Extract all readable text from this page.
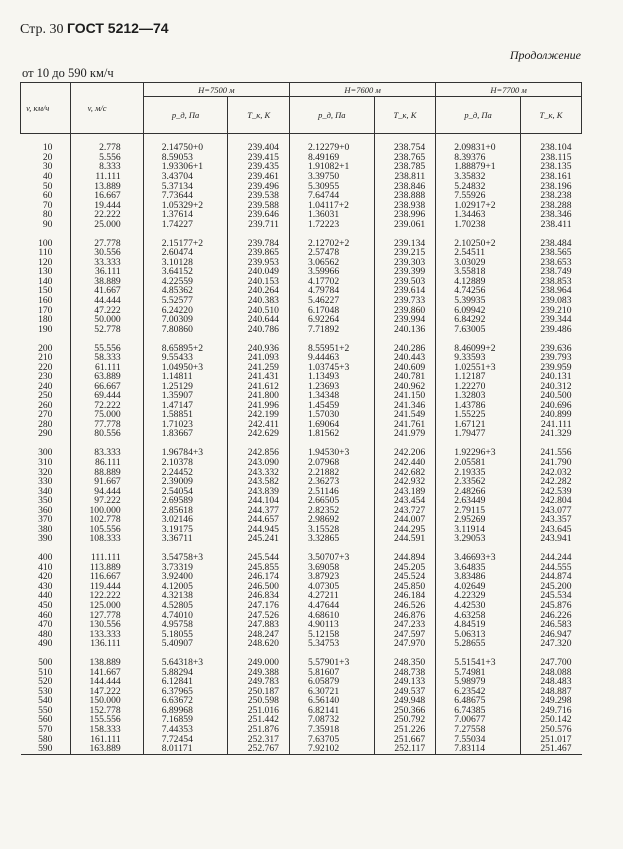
Стр. 30 ГОСТ 5212—74
Продолжение
от 10 до 590 км/ч
v, км/ч	v, м/с	H=7500 м		H=7600 м		H=7700 м	
		p_д, Па	T_к, К	p_д, Па	T_к, К	p_д, Па	T_к, К

10	2.778	2.14750+0	239.404	2.12279+0	238.754	2.09831+0	238.104
20	5.556	8.59053	239.415	8.49169	238.765	8.39376	238.115
30	8.333	1.93306+1	239.435	1.91082+1	238.785	1.88879+1	238.135
40	11.111	3.43704	239.461	3.39750	238.811	3.35832	238.161
50	13.889	5.37134	239.496	5.30955	238.846	5.24832	238.196
60	16.667	7.73644	239.538	7.64744	238.888	7.55926	238.238
70	19.444	1.05329+2	239.588	1.04117+2	238.938	1.02917+2	238.288
80	22.222	1.37614	239.646	1.36031	238.996	1.34463	238.346
90	25.000	1.74227	239.711	1.72223	239.061	1.70238	238.411

100	27.778	2.15177+2	239.784	2.12702+2	239.134	2.10250+2	238.484
110	30.556	2.60474	239.865	2.57478	239.215	2.54511	238.565
120	33.333	3.10128	239.953	3.06562	239.303	3.03029	238.653
130	36.111	3.64152	240.049	3.59966	239.399	3.55818	238.749
140	38.889	4.22559	240.153	4.17702	239.503	4.12889	238.853
150	41.667	4.85362	240.264	4.79784	239.614	4.74256	238.964
160	44.444	5.52577	240.383	5.46227	239.733	5.39935	239.083
170	47.222	6.24220	240.510	6.17048	239.860	6.09942	239.210
180	50.000	7.00309	240.644	6.92264	239.994	6.84292	239.344
190	52.778	7.80860	240.786	7.71892	240.136	7.63005	239.486

200	55.556	8.65895+2	240.936	8.55951+2	240.286	8.46099+2	239.636
210	58.333	9.55433	241.093	9.44463	240.443	9.33593	239.793
220	61.111	1.04950+3	241.259	1.03745+3	240.609	1.02551+3	239.959
230	63.889	1.14811	241.431	1.13493	240.781	1.12187	240.131
240	66.667	1.25129	241.612	1.23693	240.962	1.22270	240.312
250	69.444	1.35907	241.800	1.34348	241.150	1.32803	240.500
260	72.222	1.47147	241.996	1.45459	241.346	1.43786	240.696
270	75.000	1.58851	242.199	1.57030	241.549	1.55225	240.899
280	77.778	1.71023	242.411	1.69064	241.761	1.67121	241.111
290	80.556	1.83667	242.629	1.81562	241.979	1.79477	241.329

300	83.333	1.96784+3	242.856	1.94530+3	242.206	1.92296+3	241.556
310	86.111	2.10378	243.090	2.07968	242.440	2.05581	241.790
320	88.889	2.24452	243.332	2.21882	242.682	2.19335	242.032
330	91.667	2.39009	243.582	2.36273	242.932	2.33562	242.282
340	94.444	2.54054	243.839	2.51146	243.189	2.48266	242.539
350	97.222	2.69589	244.104	2.66505	243.454	2.63449	242.804
360	100.000	2.85618	244.377	2.82352	243.727	2.79115	243.077
370	102.778	3.02146	244.657	2.98692	244.007	2.95269	243.357
380	105.556	3.19175	244.945	3.15528	244.295	3.11914	243.645
390	108.333	3.36711	245.241	3.32865	244.591	3.29053	243.941

400	111.111	3.54758+3	245.544	3.50707+3	244.894	3.46693+3	244.244
410	113.889	3.73319	245.855	3.69058	245.205	3.64835	244.555
420	116.667	3.92400	246.174	3.87923	245.524	3.83486	244.874
430	119.444	4.12005	246.500	4.07305	245.850	4.02649	245.200
440	122.222	4.32138	246.834	4.27211	246.184	4.22329	245.534
450	125.000	4.52805	247.176	4.47644	246.526	4.42530	245.876
460	127.778	4.74010	247.526	4.68610	246.876	4.63258	246.226
470	130.556	4.95758	247.883	4.90113	247.233	4.84519	246.583
480	133.333	5.18055	248.247	5.12158	247.597	5.06313	246.947
490	136.111	5.40907	248.620	5.34753	247.970	5.28655	247.320

500	138.889	5.64318+3	249.000	5.57901+3	248.350	5.51541+3	247.700
510	141.667	5.88294	249.388	5.81607	248.738	5.74981	248.088
520	144.444	6.12841	249.783	6.05879	249.133	5.98979	248.483
530	147.222	6.37965	250.187	6.30721	249.537	6.23542	248.887
540	150.000	6.63672	250.598	6.56140	249.948	6.48675	249.298
550	152.778	6.89968	251.016	6.82141	250.366	6.74385	249.716
560	155.556	7.16859	251.442	7.08732	250.792	7.00677	250.142
570	158.333	7.44353	251.876	7.35918	251.226	7.27558	250.576
580	161.111	7.72454	252.317	7.63705	251.667	7.55034	251.017
590	163.889	8.01171	252.767	7.92102	252.117	7.83114	251.467
